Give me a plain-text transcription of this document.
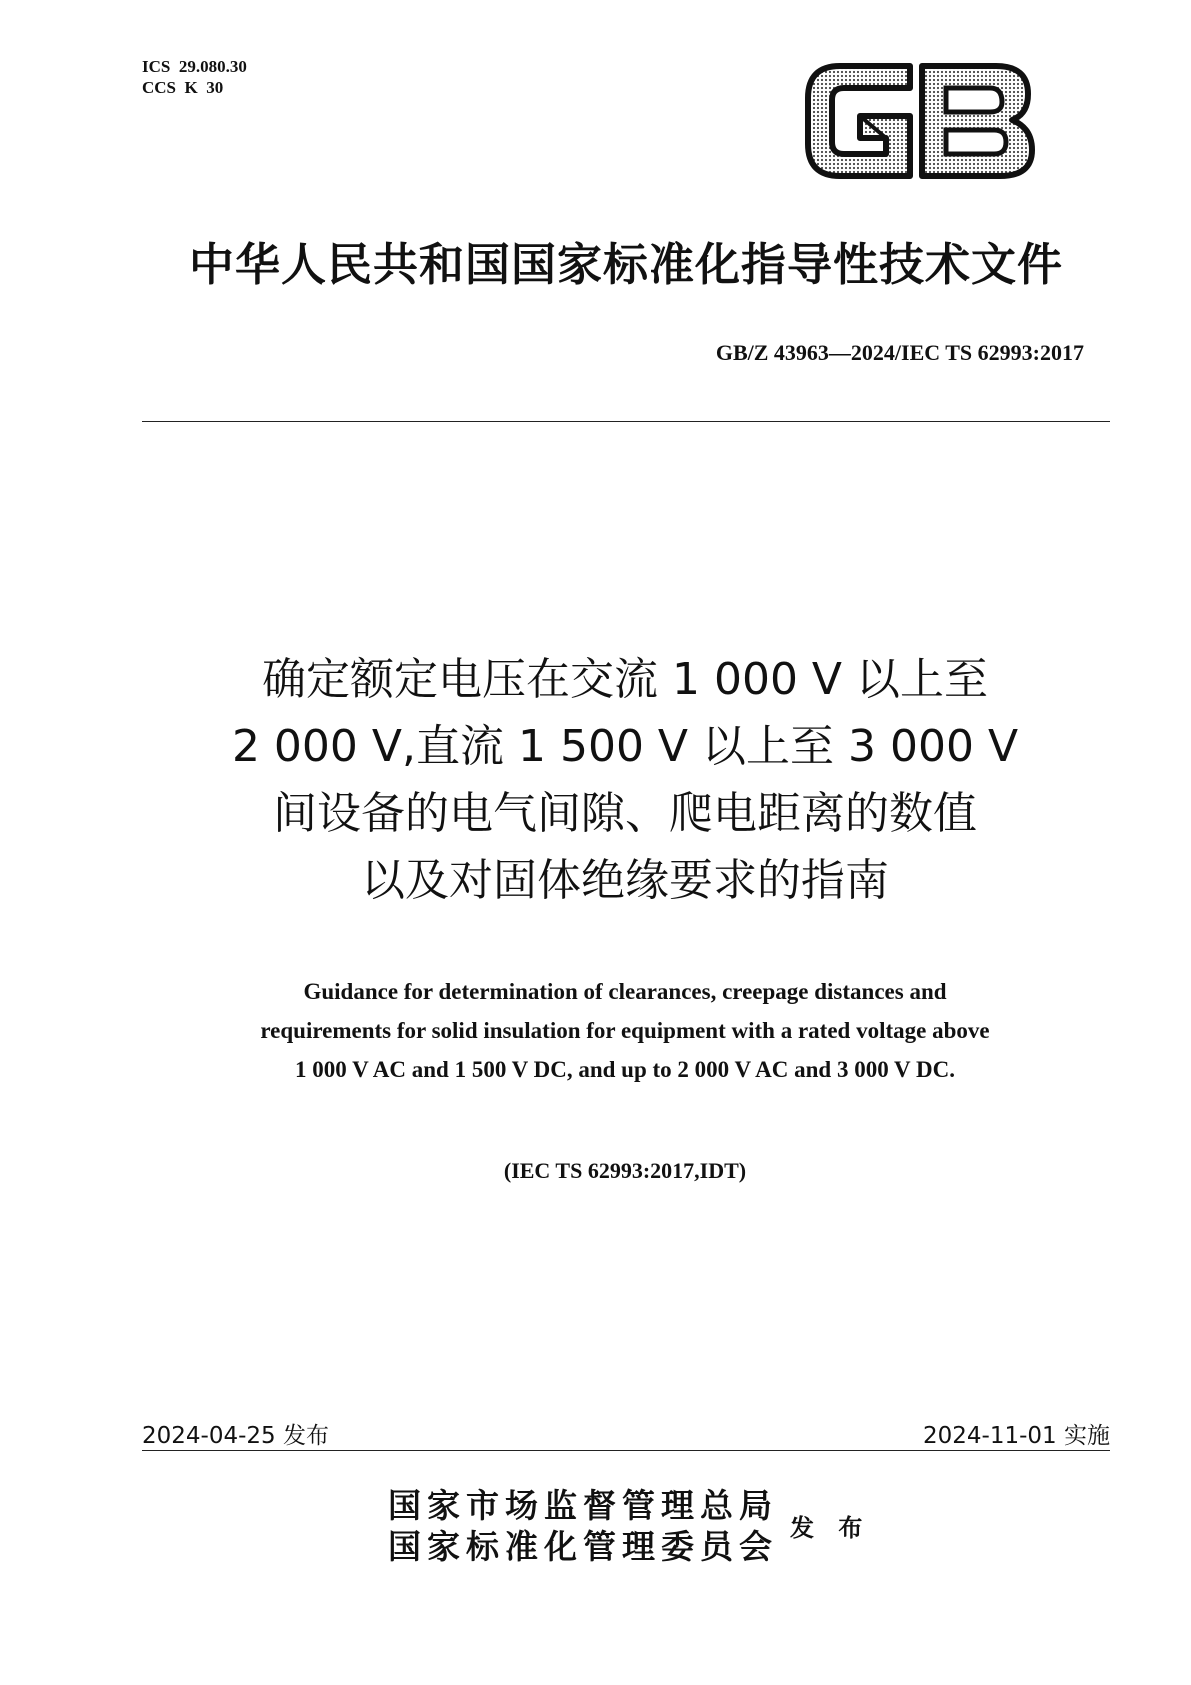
ICS  29.080.30
CCS  K  30
中华人民共和国国家标准化指导性技术文件
GB/Z 43963—2024/IEC TS 62993:2017
确定额定电压在交流 1 000 V 以上至
2 000 V,直流 1 500 V 以上至 3 000 V
间设备的电气间隙、爬电距离的数值
以及对固体绝缘要求的指南
Guidance for determination of clearances, creepage distances and
requirements for solid insulation for equipment with a rated voltage above
1 000 V AC and 1 500 V DC, and up to 2 000 V AC and 3 000 V DC.
(IEC TS 62993:2017,IDT)
2024-04-25 发布	2024-11-01 实施
国家市场监督管理总局
国家标准化管理委员会 发 布
